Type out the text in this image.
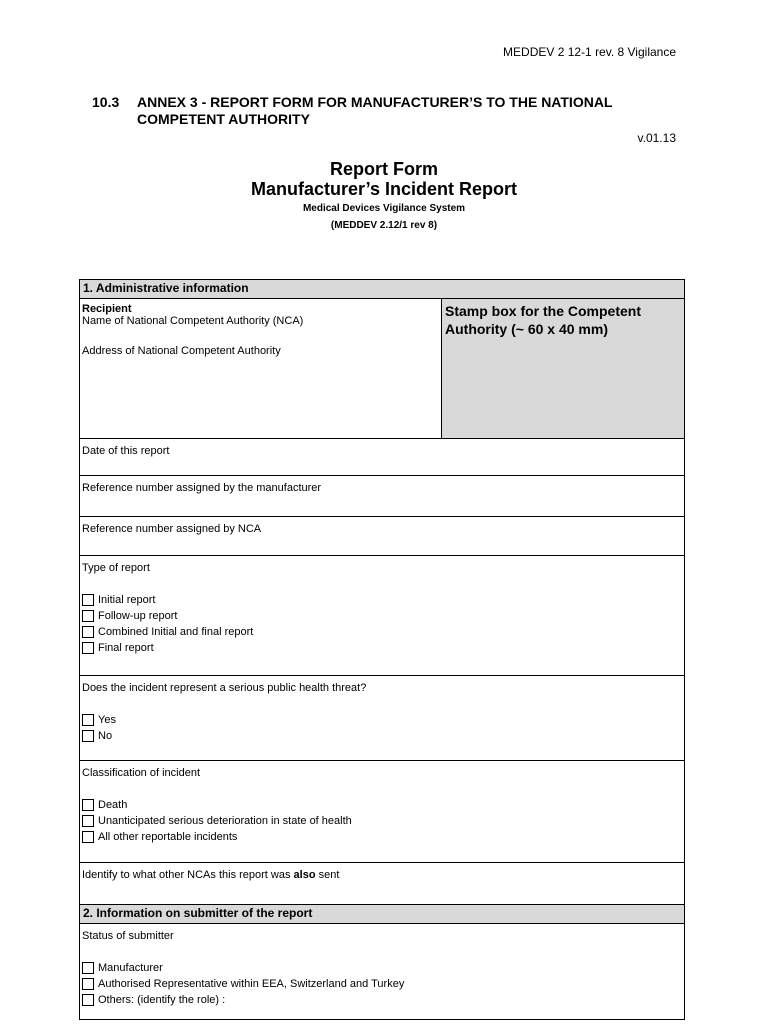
MEDDEV 2 12-1 rev. 8 Vigilance
10.3 ANNEX 3 - REPORT FORM FOR MANUFACTURER’S TO THE NATIONAL
COMPETENT AUTHORITY
v.01.13
Report Form
Manufacturer’s Incident Report
Medical Devices Vigilance System
(MEDDEV 2.12/1 rev 8)
1. Administrative information
Recipient
Name of National Competent Authority (NCA)
Address of National Competent Authority
Stamp box for the Competent Authority (~ 60 x 40 mm)
Date of this report
Reference number assigned by the manufacturer
Reference number assigned by NCA
Type of report
Initial report
Follow-up report
Combined Initial and final report
Final report
Does the incident represent a serious public health threat?
Yes
No
Classification of incident
Death
Unanticipated serious deterioration in state of health
All other reportable incidents
Identify to what other NCAs this report was also sent
2. Information on submitter of the report
Status of submitter
Manufacturer
Authorised Representative within EEA, Switzerland and Turkey
Others: (identify the role) :
